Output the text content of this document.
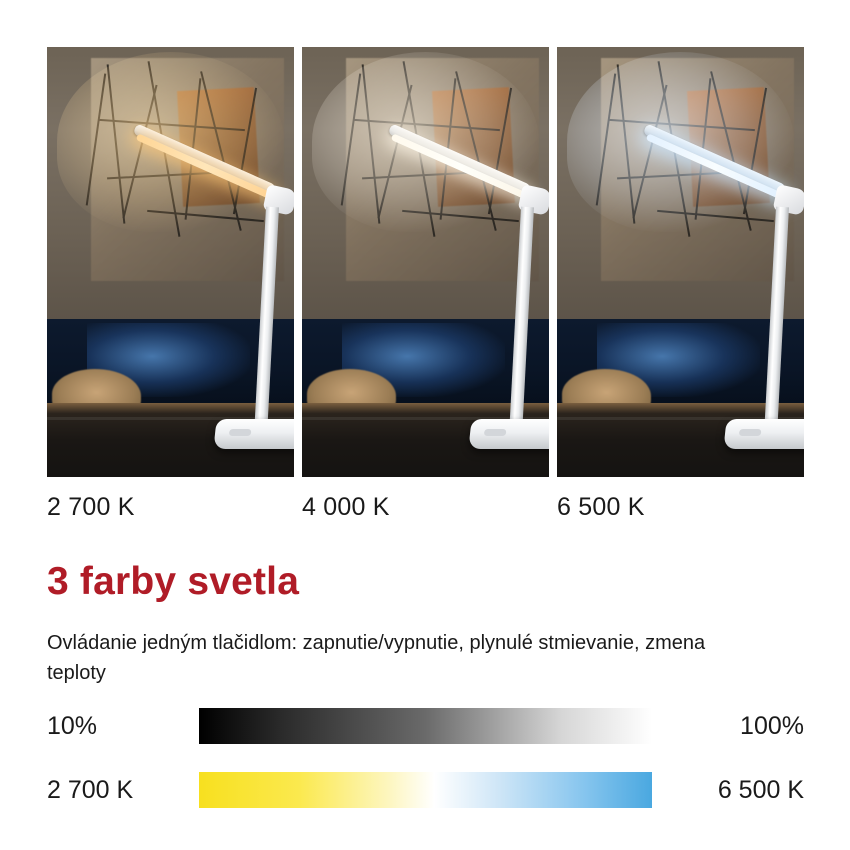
2 700 K	4 000 K	6 500 K
3 farby svetla
Ovládanie jedným tlačidlom: zapnutie/vypnutie, plynulé stmievanie, zmena teploty
10%	100%
2 700 K	6 500 K
